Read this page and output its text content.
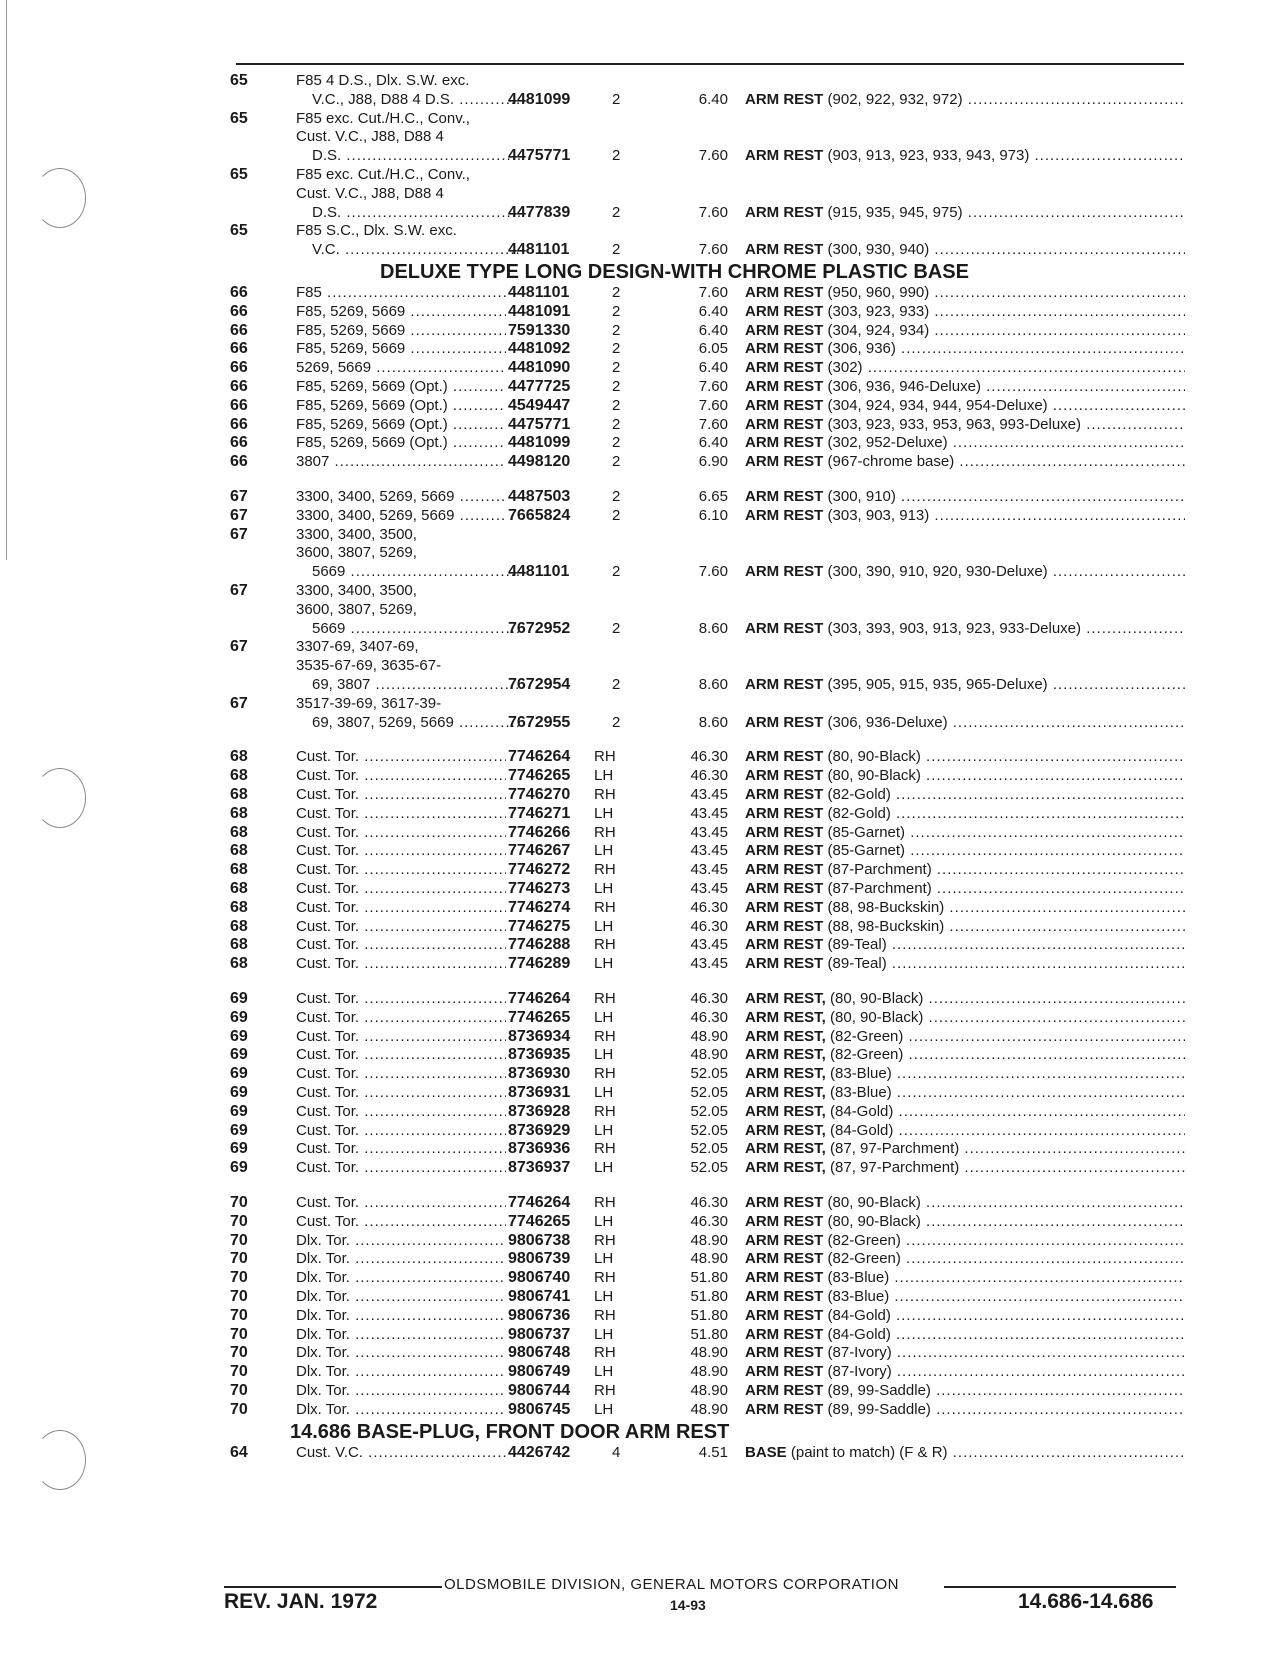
65	F85 4 D.S., Dlx. S.W. exc.
V.C., J88, D88 4 D.S. .....	4481099	2	6.40 ARM REST (902, 922, 932, 972) .....
65	F85 exc. Cut./H.C., Conv.,
Cust. V.C., J88, D88 4
D.S. .....	4475771	2	7.60 ARM REST (903, 913, 923, 933, 943, 973) .....
65	F85 exc. Cut./H.C., Conv.,
Cust. V.C., J88, D88 4
D.S. .....	4477839	2	7.60 ARM REST (915, 935, 945, 975) .....
65	F85 S.C., Dlx. S.W. exc.
V.C. .....	4481101	2	7.60 ARM REST (300, 930, 940) .....
DELUXE TYPE LONG DESIGN-WITH CHROME PLASTIC BASE
66	F85 .....	4481101	2	7.60 ARM REST (950, 960, 990) .....
66	F85, 5269, 5669 .....	4481091	2	6.40 ARM REST (303, 923, 933) .....
66	F85, 5269, 5669 .....	7591330	2	6.40 ARM REST (304, 924, 934) .....
66	F85, 5269, 5669 .....	4481092	2	6.05 ARM REST (306, 936) .....
66	5269, 5669 .....	4481090	2	6.40 ARM REST (302) .....
66	F85, 5269, 5669 (Opt.) .....	4477725	2	7.60 ARM REST (306, 936, 946-Deluxe) .....
66	F85, 5269, 5669 (Opt.) .....	4549447	2	7.60 ARM REST (304, 924, 934, 944, 954-Deluxe) .....
66	F85, 5269, 5669 (Opt.) .....	4475771	2	7.60 ARM REST (303, 923, 933, 953, 963, 993-Deluxe) .....
66	F85, 5269, 5669 (Opt.) .....	4481099	2	6.40 ARM REST (302, 952-Deluxe) .....
66	3807 .....	4498120	2	6.90 ARM REST (967-chrome base) .....
67	3300, 3400, 5269, 5669 .....	4487503	2	6.65 ARM REST (300, 910) .....
67	3300, 3400, 5269, 5669 .....	7665824	2	6.10 ARM REST (303, 903, 913) .....
67	3300, 3400, 3500,
3600, 3807, 5269,
5669 .....	4481101	2	7.60 ARM REST (300, 390, 910, 920, 930-Deluxe) .....
67	3300, 3400, 3500,
3600, 3807, 5269,
5669 .....	7672952	2	8.60 ARM REST (303, 393, 903, 913, 923, 933-Deluxe) .....
67	3307-69, 3407-69,
3535-67-69, 3635-67-
69, 3807 .....	7672954	2	8.60 ARM REST (395, 905, 915, 935, 965-Deluxe) .....
67	3517-39-69, 3617-39-
69, 3807, 5269, 5669 .....	7672955	2	8.60 ARM REST (306, 936-Deluxe) .....
68	Cust. Tor. .....	7746264 RH	46.30 ARM REST (80, 90-Black) .....
68	Cust. Tor. .....	7746265 LH	46.30 ARM REST (80, 90-Black) .....
68	Cust. Tor. .....	7746270 RH	43.45 ARM REST (82-Gold) .....
68	Cust. Tor. .....	7746271 LH	43.45 ARM REST (82-Gold) .....
68	Cust. Tor. .....	7746266 RH	43.45 ARM REST (85-Garnet) .....
68	Cust. Tor. .....	7746267 LH	43.45 ARM REST (85-Garnet) .....
68	Cust. Tor. .....	7746272 RH	43.45 ARM REST (87-Parchment) .....
68	Cust. Tor. .....	7746273 LH	43.45 ARM REST (87-Parchment) .....
68	Cust. Tor. .....	7746274 RH	46.30 ARM REST (88, 98-Buckskin) .....
68	Cust. Tor. .....	7746275 LH	46.30 ARM REST (88, 98-Buckskin) .....
68	Cust. Tor. .....	7746288 RH	43.45 ARM REST (89-Teal) .....
68	Cust. Tor. .....	7746289 LH	43.45 ARM REST (89-Teal) .....
69	Cust. Tor. .....	7746264 RH	46.30 ARM REST, (80, 90-Black) .....
69	Cust. Tor. .....	7746265 LH	46.30 ARM REST, (80, 90-Black) .....
69	Cust. Tor. .....	8736934 RH	48.90 ARM REST, (82-Green) .....
69	Cust. Tor. .....	8736935 LH	48.90 ARM REST, (82-Green) .....
69	Cust. Tor. .....	8736930 RH	52.05 ARM REST, (83-Blue) .....
69	Cust. Tor. .....	8736931 LH	52.05 ARM REST, (83-Blue) .....
69	Cust. Tor. .....	8736928 RH	52.05 ARM REST, (84-Gold) .....
69	Cust. Tor. .....	8736929 LH	52.05 ARM REST, (84-Gold) .....
69	Cust. Tor. .....	8736936 RH	52.05 ARM REST, (87, 97-Parchment) .....
69	Cust. Tor. .....	8736937 LH	52.05 ARM REST, (87, 97-Parchment) .....
70	Cust. Tor. .....	7746264 RH	46.30 ARM REST (80, 90-Black) .....
70	Cust. Tor. .....	7746265 LH	46.30 ARM REST (80, 90-Black) .....
70	Dlx. Tor. .....	9806738 RH	48.90 ARM REST (82-Green) .....
70	Dlx. Tor. .....	9806739 LH	48.90 ARM REST (82-Green) .....
70	Dlx. Tor. .....	9806740 RH	51.80 ARM REST (83-Blue) .....
70	Dlx. Tor. .....	9806741 LH	51.80 ARM REST (83-Blue) .....
70	Dlx. Tor. .....	9806736 RH	51.80 ARM REST (84-Gold) .....
70	Dlx. Tor. .....	9806737 LH	51.80 ARM REST (84-Gold) .....
70	Dlx. Tor. .....	9806748 RH	48.90 ARM REST (87-Ivory) .....
70	Dlx. Tor. .....	9806749 LH	48.90 ARM REST (87-Ivory) .....
70	Dlx. Tor. .....	9806744 RH	48.90 ARM REST (89, 99-Saddle) .....
70	Dlx. Tor. .....	9806745 LH	48.90 ARM REST (89, 99-Saddle) .....
14.686 BASE-PLUG, FRONT DOOR ARM REST
64	Cust. V.C. .....	4426742	4	4.51 BASE (paint to match) (F & R) .....
OLDSMOBILE DIVISION, GENERAL MOTORS CORPORATION
REV. JAN. 1972	14-93	14.686-14.686
